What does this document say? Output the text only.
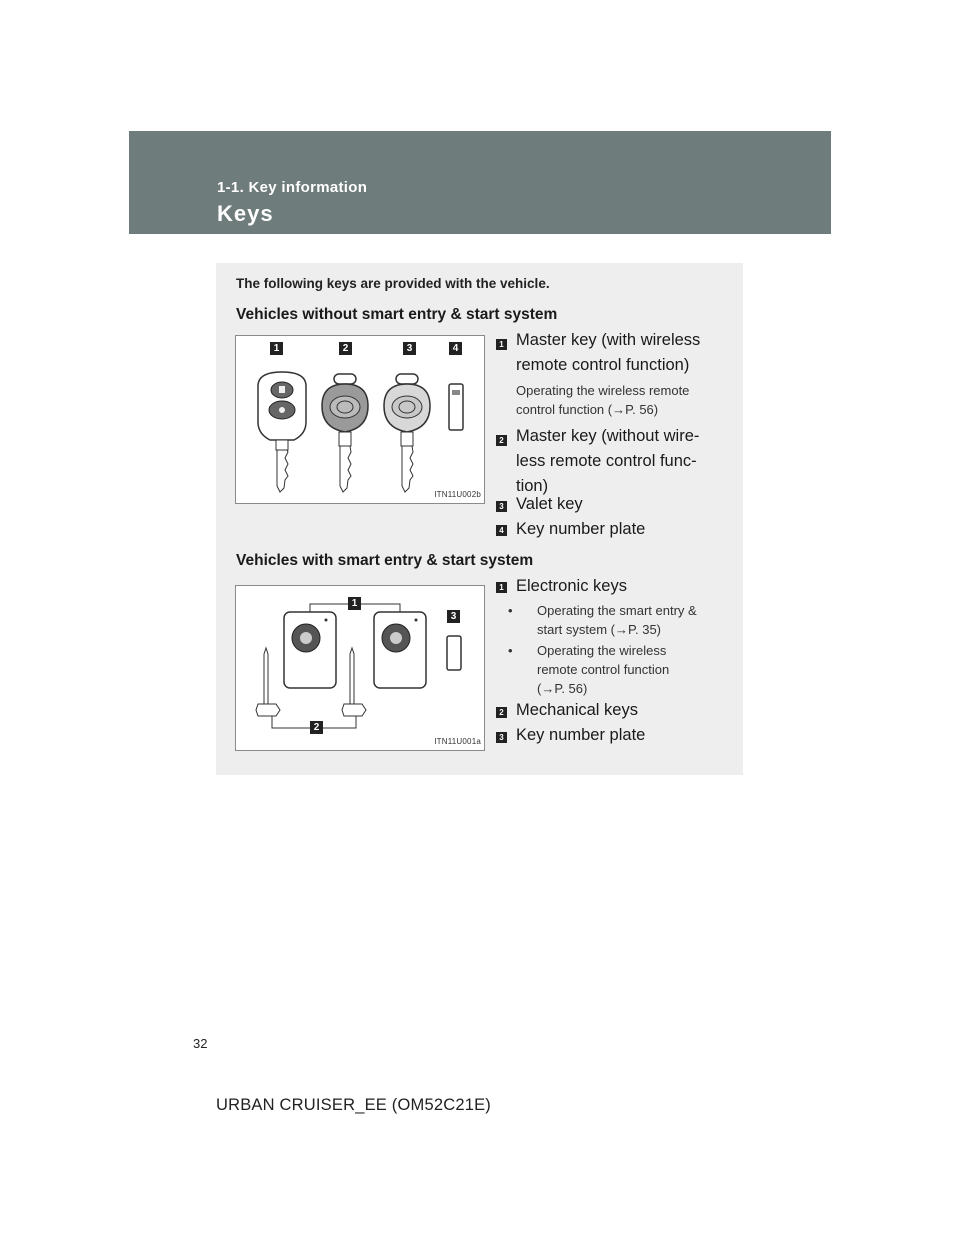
1-1. Key information
Keys
The following keys are provided with the vehicle.
Vehicles without smart entry & start system
1	2	3	4
ITN11U002b
1 Master key (with wireless
remote control function)
Operating the wireless remote
control function (→P. 56)
2 Master key (without wire-
less remote control func-
tion)
3 Valet key
4 Key number plate
Vehicles with smart entry & start system
1
2
3
ITN11U001a
1 Electronic keys
• Operating the smart entry &
start system (→P. 35)
• Operating the wireless
remote control function
(→P. 56)
2 Mechanical keys
3 Key number plate
32
URBAN CRUISER_EE (OM52C21E)
